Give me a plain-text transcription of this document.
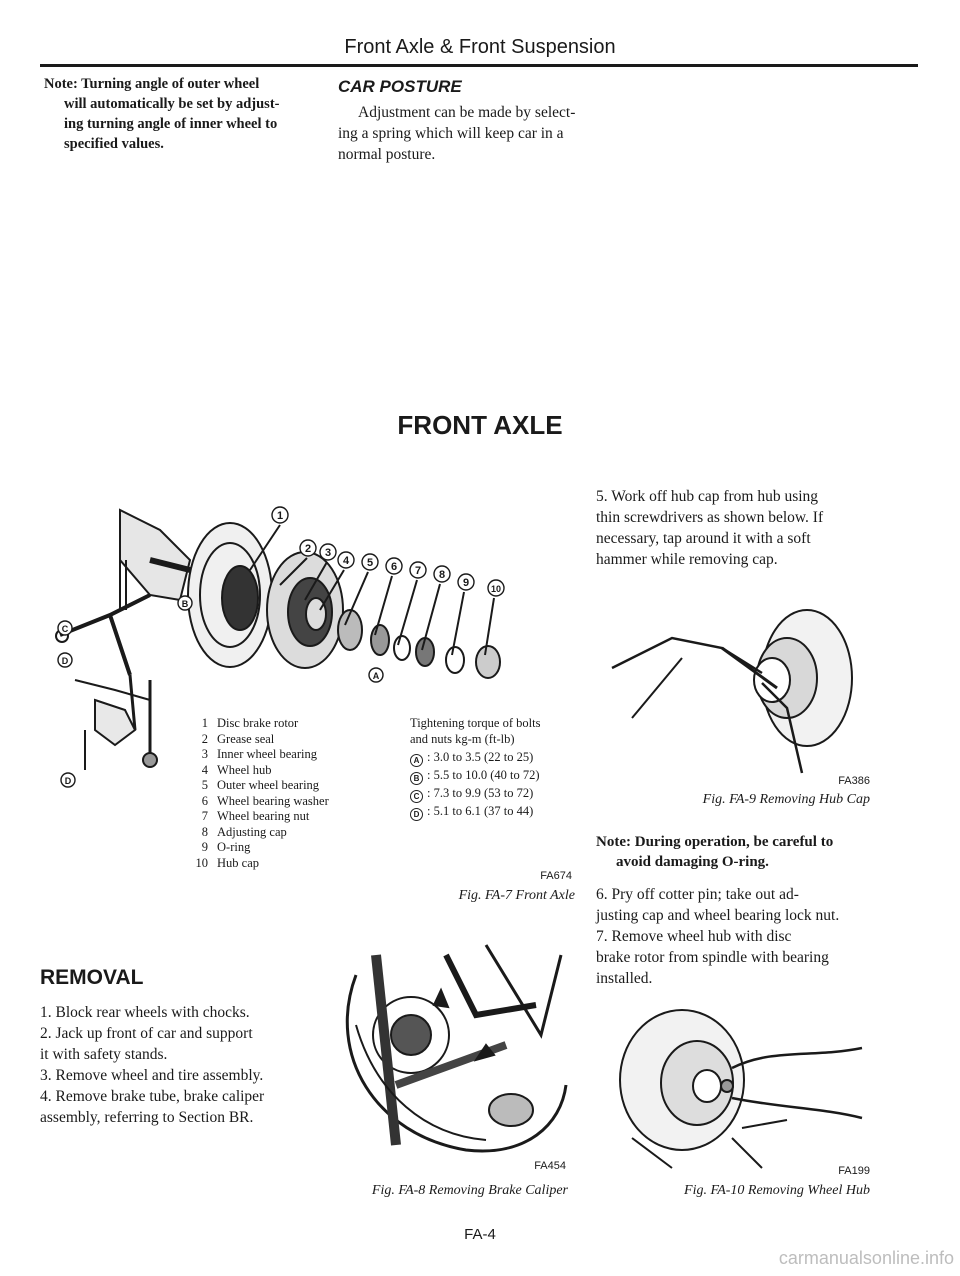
Front Axle & Front Suspension
Note: Turning angle of outer wheel
will automatically be set by adjust-
ing turning angle of inner wheel to
specified values.
CAR POSTURE
Adjustment can be made by select-
ing a spring which will keep car in a
normal posture.
FRONT AXLE
1
2 3
4 5 6 7 8
9 10
A
B
C
D
D
1 Disc brake rotor
2 Grease seal
3 Inner wheel bearing
4 Wheel hub
5 Outer wheel bearing
6 Wheel bearing washer
7 Wheel bearing nut
8 Adjusting cap
9 O-ring
10 Hub cap
Tightening torque of bolts
and nuts kg-m (ft-lb)
A : 3.0 to 3.5 (22 to 25)
B : 5.5 to 10.0 (40 to 72)
C : 7.3 to 9.9 (53 to 72)
D : 5.1 to 6.1 (37 to 44)
FA674
Fig. FA-7 Front Axle
REMOVAL
1. Block rear wheels with chocks.
2. Jack up front of car and support
it with safety stands.
3. Remove wheel and tire assembly.
4. Remove brake tube, brake caliper
assembly, referring to Section BR.
FA454
Fig. FA-8 Removing Brake Caliper
5. Work off hub cap from hub using
thin screwdrivers as shown below. If
necessary, tap around it with a soft
hammer while removing cap.
FA386
Fig. FA-9 Removing Hub Cap
Note: During operation, be careful to
avoid damaging O-ring.
6. Pry off cotter pin; take out ad-
justing cap and wheel bearing lock nut.
7. Remove wheel hub with disc
brake rotor from spindle with bearing
installed.
FA199
Fig. FA-10 Removing Wheel Hub
FA-4
carmanualsonline.info
